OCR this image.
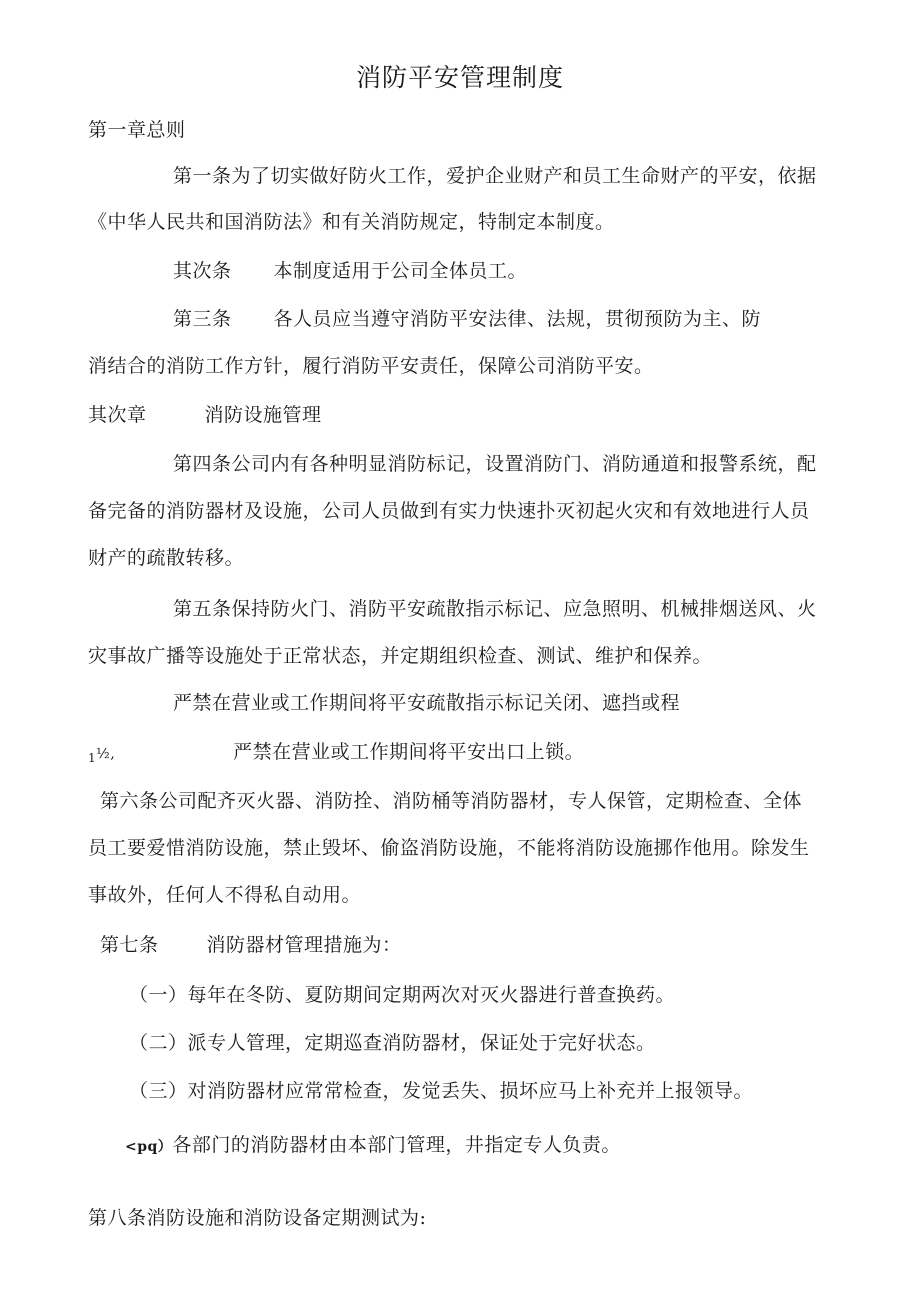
消防平安管理制度
第一章总则
第一条为了切实做好防火工作，爱护企业财产和员工生命财产的平安，依据
《中华人民共和国消防法》和有关消防规定，特制定本制度。
其次条 本制度适用于公司全体员工。
第三条 各人员应当遵守消防平安法律、法规，贯彻预防为主、防
消结合的消防工作方针，履行消防平安责任，保障公司消防平安。
其次章	消防设施管理
第四条公司内有各种明显消防标记，设置消防门、消防通道和报警系统，配
备完备的消防器材及设施，公司人员做到有实力快速扑灭初起火灾和有效地进行人员
财产的疏散转移。
第五条保持防火门、消防平安疏散指示标记、应急照明、机械排烟送风、火
灾事故广播等设施处于正常状态，并定期组织检查、测试、维护和保养。
严禁在营业或工作期间将平安疏散指示标记关闭、遮挡或程
$_1$½,	严禁在营业或工作期间将平安出口上锁。
第六条公司配齐灭火器、消防拴、消防桶等消防器材，专人保管，定期检查、全体
员工要爱惜消防设施，禁止毁坏、偷盗消防设施，不能将消防设施挪作他用。除发生
事故外，任何人不得私自动用。
第七条	消防器材管理措施为：
（一）每年在冬防、夏防期间定期两次对灭火器进行普查换药。
（二）派专人管理，定期巡查消防器材，保证处于完好状态。
（三）对消防器材应常常检查，发觉丢失、损坏应马上补充并上报领导。
<pq）各部门的消防器材由本部门管理，井指定专人负责。
第八条消防设施和消防设备定期测试为:
